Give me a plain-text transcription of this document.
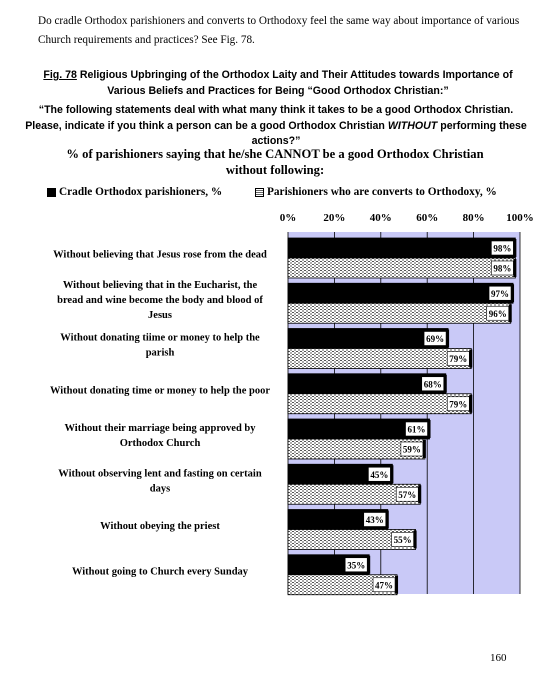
Do cradle Orthodox parishioners and converts to Orthodoxy feel the same way about importance of various Church requirements and practices? See Fig. 78.
Fig. 78 Religious Upbringing of the Orthodox Laity and Their Attitudes towards Importance of Various Beliefs and Practices for Being “Good Orthodox Christian:”
“The following statements deal with what many think it takes to be a good Orthodox Christian. Please, indicate if you think a person can be a good Orthodox Christian WITHOUT performing these actions?”
% of parishioners saying that he/she CANNOT be a good Orthodox Christian without following:
Cradle Orthodox parishioners, %	Parishioners who are converts to Orthodoxy, %
0% 20% 40% 60% 80% 100%
Without believing that Jesus rose from the dead
98%
98%
Without believing that in the Eucharist, the bread and wine become the body and blood of Jesus
97%
96%
Without donating tiime or money to help the parish
69%
79%
Without donating time or money to help the poor
68%
79%
Without their marriage being approved by Orthodox Church
61%
59%
Without observing lent and fasting on certain days
45%
57%
Without obeying the priest
43%
55%
Without going to Church every Sunday
35%
47%
160
